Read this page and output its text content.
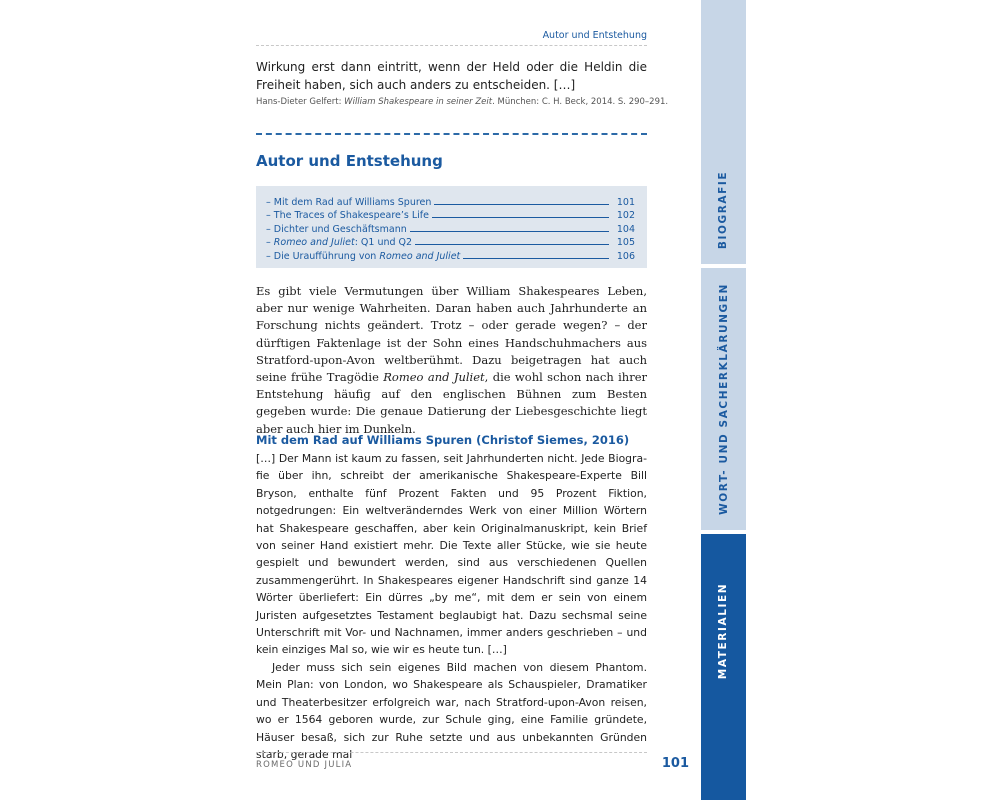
Autor und Entstehung

Wirkung erst dann eintritt, wenn der Held oder die Heldin die Freiheit haben, sich auch anders zu entscheiden. […]

Hans-Dieter Gelfert: William Shakespeare in seiner Zeit. München: C. H. Beck, 2014. S. 290–291.

Autor und Entstehung
– Mit dem Rad auf Williams Spuren	101
– The Traces of Shakespeare’s Life	102
– Dichter und Geschäftsmann	104
– Romeo and Juliet: Q1 und Q2	105
– Die Uraufführung von Romeo and Juliet	106

Es gibt viele Vermutungen über William Shakespeares Leben, aber nur wenige Wahrheiten. Daran haben auch Jahrhunderte an Forschung nichts geändert. Trotz – oder gerade wegen? – der dürftigen Faktenlage ist der Sohn eines Handschuhmachers aus Stratford-upon-Avon weltberühmt. Dazu beigetragen hat auch seine frühe Tragödie Romeo and Juliet, die wohl schon nach ihrer Entstehung häufig auf den englischen Bühnen zum Besten gegeben wurde: Die genaue Datierung der Liebesgeschichte liegt aber auch hier im Dunkeln.

Mit dem Rad auf Williams Spuren (Christof Siemes, 2016)

[…] Der Mann ist kaum zu fassen, seit Jahrhunderten nicht. Jede Biografie über ihn, schreibt der amerikanische Shakespeare-Experte Bill Bryson, enthalte fünf Prozent Fakten und 95 Prozent Fiktion, notgedrungen: Ein weltveränderndes Werk von einer Million Wörtern hat Shakespeare geschaffen, aber kein Originalmanuskript, kein Brief von seiner Hand existiert mehr. Die Texte aller Stücke, wie sie heute gespielt und bewundert werden, sind aus verschiedenen Quellen zusammengerührt. In Shakespeares eigener Handschrift sind ganze 14 Wörter überliefert: Ein dürres „by me“, mit dem er sein von einem Juristen aufgesetztes Testament beglaubigt hat. Dazu sechsmal seine Unterschrift mit Vor- und Nachnamen, immer anders geschrieben – und kein einziges Mal so, wie wir es heute tun. […]

Jeder muss sich sein eigenes Bild machen von diesem Phantom. Mein Plan: von London, wo Shakespeare als Schauspieler, Dramatiker und Theaterbesitzer erfolgreich war, nach Stratford-upon-Avon reisen, wo er 1564 geboren wurde, zur Schule ging, eine Familie gründete, Häuser besaß, sich zur Ruhe setzte und aus unbekannten Gründen starb, gerade mal

ROMEO UND JULIA	101
BIOGRAFIE
WORT- UND SACHERKLÄRUNGEN
MATERIALIEN
